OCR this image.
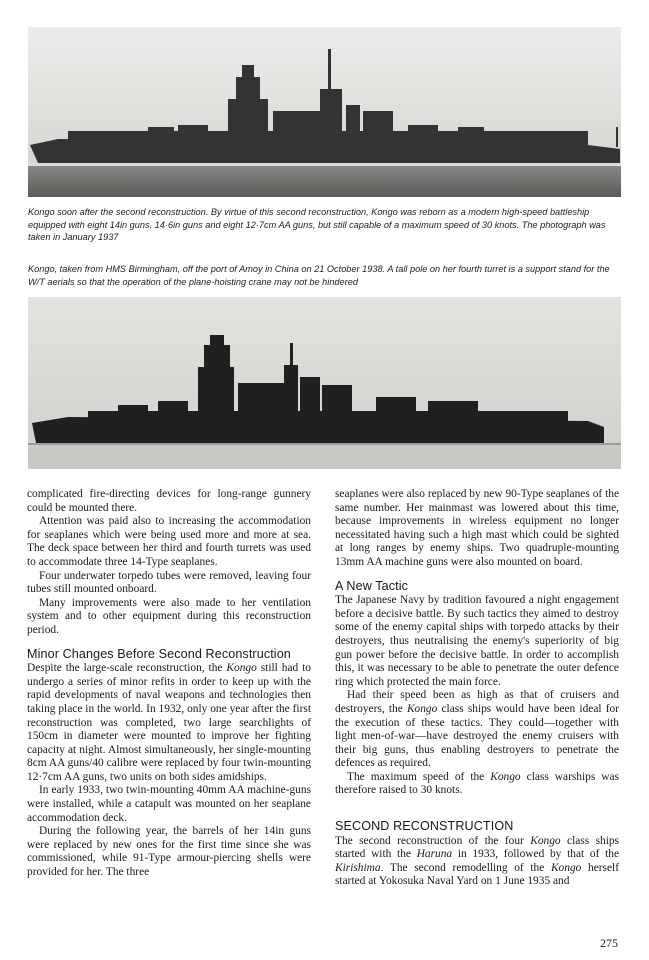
Kongo soon after the second reconstruction. By virtue of this second reconstruction, Kongo was reborn as a modern high-speed battleship equipped with eight 14in guns, 14·6in guns and eight 12·7cm AA guns, but still capable of a maximum speed of 30 knots. The photograph was taken in January 1937

Kongo, taken from HMS Birmingham, off the port of Amoy in China on 21 October 1938. A tall pole on her fourth turret is a support stand for the W/T aerials so that the operation of the plane-hoisting crane may not be hindered

complicated fire-directing devices for long-range gunnery could be mounted there.

Attention was paid also to increasing the accommodation for seaplanes which were being used more and more at sea. The deck space between her third and fourth turrets was used to accommodate three 14-Type seaplanes.

Four underwater torpedo tubes were removed, leaving four tubes still mounted onboard.

Many improvements were also made to her ventilation system and to other equipment during this reconstruction period.

Minor Changes Before Second Reconstruction

Despite the large-scale reconstruction, the Kongo still had to undergo a series of minor refits in order to keep up with the rapid developments of naval weapons and technologies then taking place in the world. In 1932, only one year after the first reconstruction was completed, two large searchlights of 150cm in diameter were mounted to improve her fighting capacity at night. Almost simultaneously, her single-mounting 8cm AA guns/40 calibre were replaced by four twin-mounting 12·7cm AA guns, two units on both sides amidships.

In early 1933, two twin-mounting 40mm AA machine-guns were installed, while a catapult was mounted on her seaplane accommodation deck.

During the following year, the barrels of her 14in guns were replaced by new ones for the first time since she was commissioned, while 91-Type armour-piercing shells were provided for her. The three

seaplanes were also replaced by new 90-Type seaplanes of the same number. Her mainmast was lowered about this time, because improvements in wireless equipment no longer necessitated having such a high mast which could be sighted at long ranges by enemy ships. Two quadruple-mounting 13mm AA machine guns were also mounted on board.

A New Tactic

The Japanese Navy by tradition favoured a night engagement before a decisive battle. By such tactics they aimed to destroy some of the enemy capital ships with torpedo attacks by their destroyers, thus neutralising the enemy's superiority of big gun power before the decisive battle. In order to accomplish this, it was necessary to be able to penetrate the outer defence ring which protected the main force.

Had their speed been as high as that of cruisers and destroyers, the Kongo class ships would have been ideal for the execution of these tactics. They could—together with light men-of-war—have destroyed the enemy cruisers with their big guns, thus enabling destroyers to penetrate the defences as required.

The maximum speed of the Kongo class warships was therefore raised to 30 knots.

SECOND RECONSTRUCTION

The second reconstruction of the four Kongo class ships started with the Haruna in 1933, followed by that of the Kirishima. The second remodelling of the Kongo herself started at Yokosuka Naval Yard on 1 June 1935 and

275
